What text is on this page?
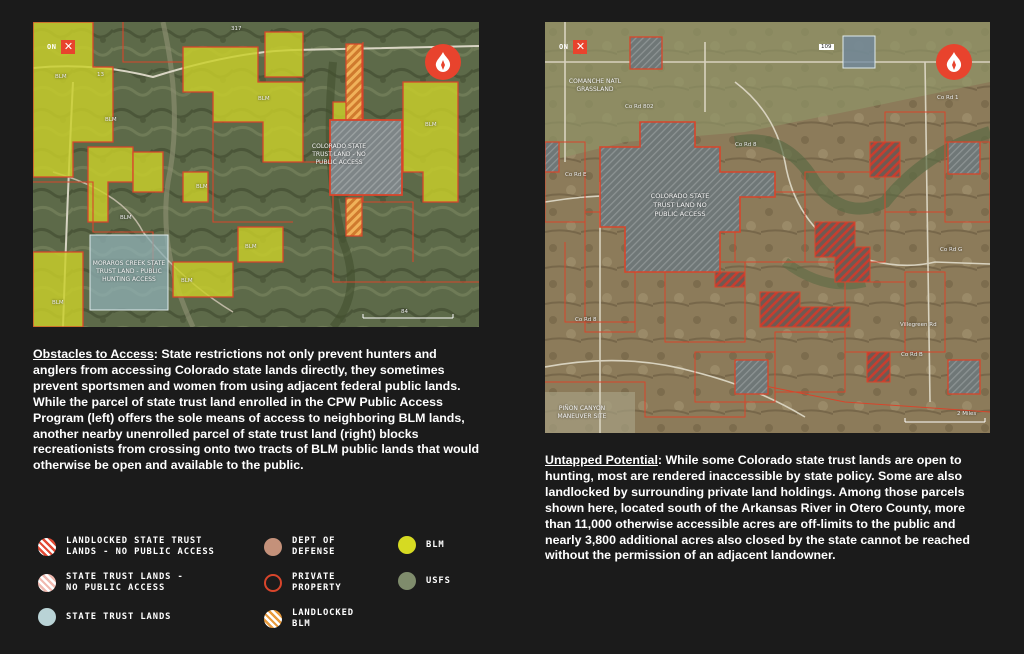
ON ✕
COLORADO STATE TRUST LAND - NO PUBLIC ACCESS
MORAROS CREEK STATE TRUST LAND - PUBLIC HUNTING ACCESS
BLM
BLM
BLM
BLM
BLM
BLM
BLM
BLM
BLM
317
13
84
ON ✕
COLORADO STATE TRUST LAND NO PUBLIC ACCESS
COMANCHE NATL GRASSLAND
PIÑON CANYON MANEUVER SITE
Co Rd 1
Co Rd G
Co Rd E
Co Rd B
Villegreen Rd
Co Rd 8
Co Rd 8
Co Rd 802
109
2 Miles
Obstacles to Access: State restrictions not only prevent hunters and anglers from accessing Colorado state lands directly, they sometimes prevent sportsmen and women from using adjacent federal public lands. While the parcel of state trust land enrolled in the CPW Public Access Program (left) offers the sole means of access to neighboring BLM lands, another nearby unenrolled parcel of state trust land (right) blocks recreationists from crossing onto two tracts of BLM public lands that would otherwise be open and available to the public.	Untapped Potential: While some Colorado state trust lands are open to hunting, most are rendered inaccessible by state policy. Some are also landlocked by surrounding private land holdings. Among those parcels shown here, located south of the Arkansas River in Otero County, more than 11,000 otherwise accessible acres are off-limits to the public and nearly 3,800 additional acres also closed by the state cannot be reached without the permission of an adjacent landowner.
LANDLOCKED STATE TRUST
LANDS - NO PUBLIC ACCESS
STATE TRUST LANDS -
NO PUBLIC ACCESS
STATE TRUST LANDS
DEPT OF
DEFENSE
PRIVATE
PROPERTY
LANDLOCKED
BLM
BLM
USFS
